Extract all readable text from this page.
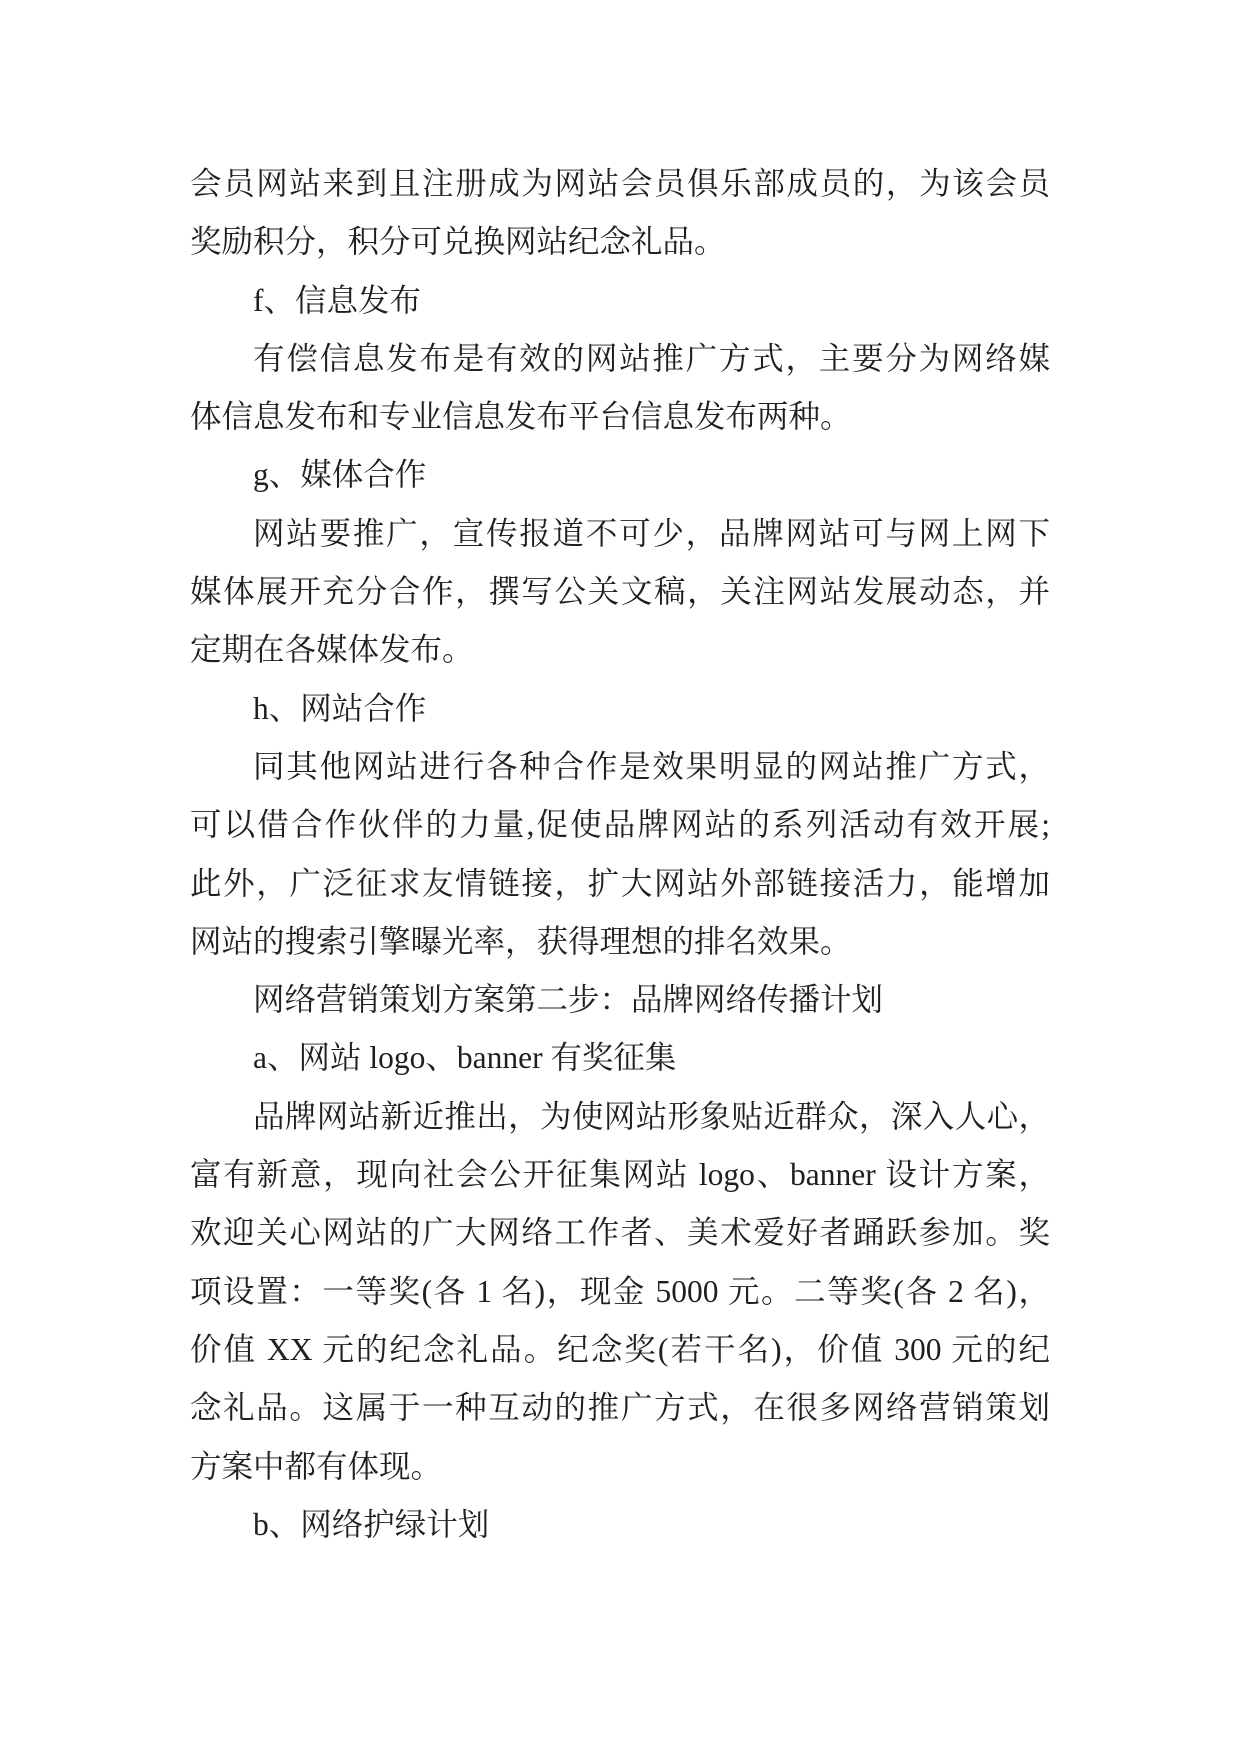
会员网站来到且注册成为网站会员俱乐部成员的，为该会员
奖励积分，积分可兑换网站纪念礼品。
f、信息发布
有偿信息发布是有效的网站推广方式，主要分为网络媒
体信息发布和专业信息发布平台信息发布两种。
g、媒体合作
网站要推广，宣传报道不可少，品牌网站可与网上网下
媒体展开充分合作，撰写公关文稿，关注网站发展动态，并
定期在各媒体发布。
h、网站合作
同其他网站进行各种合作是效果明显的网站推广方式，
可以借合作伙伴的力量,促使品牌网站的系列活动有效开展;
此外，广泛征求友情链接，扩大网站外部链接活力，能增加
网站的搜索引擎曝光率，获得理想的排名效果。
网络营销策划方案第二步：品牌网络传播计划
a、网站 logo、banner 有奖征集
品牌网站新近推出，为使网站形象贴近群众，深入人心，
富有新意，现向社会公开征集网站 logo、banner 设计方案，
欢迎关心网站的广大网络工作者、美术爱好者踊跃参加。奖
项设置：一等奖(各 1 名)，现金 5000 元。二等奖(各 2 名)，
价值 XX 元的纪念礼品。纪念奖(若干名)，价值 300 元的纪
念礼品。这属于一种互动的推广方式，在很多网络营销策划
方案中都有体现。
b、网络护绿计划
